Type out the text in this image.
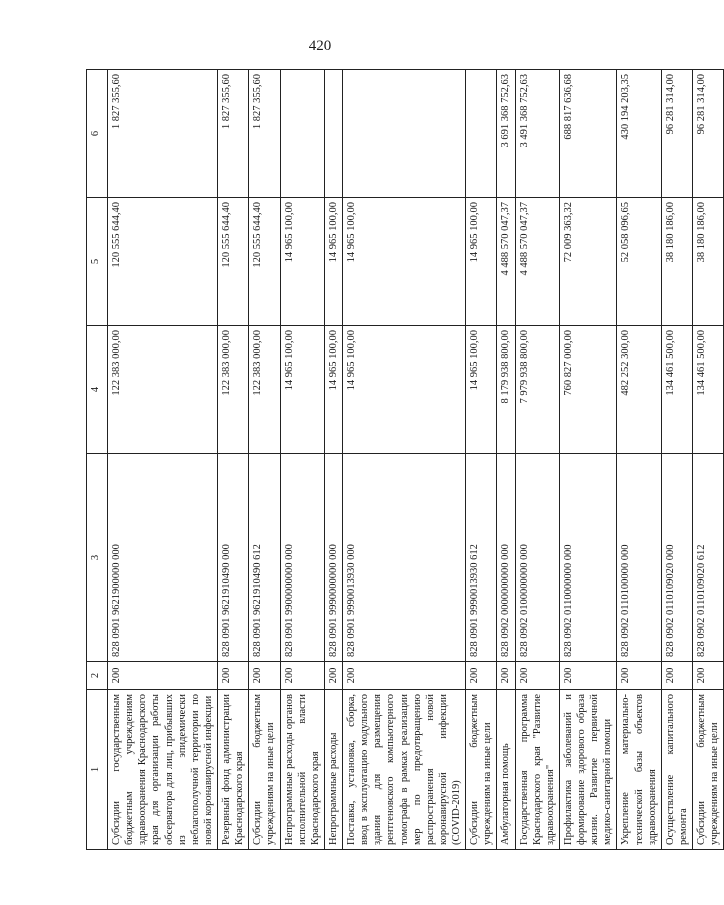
420
1	2	3	4	5	6
Субсидии государственным бюджетным учреждениям здравоохранения Краснодарского края для организации работы обсерватора для лиц, прибывших из эпидемически неблагополучной территории по новой коронавирусной инфекции	200	828 0901 9621900000 000	122 383 000,00	120 555 644,40	1 827 355,60
Резервный фонд администрации Краснодарского края	200	828 0901 9621910490 000	122 383 000,00	120 555 644,40	1 827 355,60
Субсидии бюджетным учреждениям на иные цели	200	828 0901 9621910490 612	122 383 000,00	120 555 644,40	1 827 355,60
Непрограммные расходы органов исполнительной власти Краснодарского края	200	828 0901 9900000000 000	14 965 100,00	14 965 100,00	
Непрограммные расходы	200	828 0901 9990000000 000	14 965 100,00	14 965 100,00	
Поставка, установка, сборка, ввод в эксплуатацию модульного здания для размещения рентгеновского компьютерного томографа в рамках реализации мер по предотвращению распространения новой коронавирусной инфекции (COVID-2019)	200	828 0901 9990013930 000	14 965 100,00	14 965 100,00	
Субсидии бюджетным учреждениям на иные цели	200	828 0901 9990013930 612	14 965 100,00	14 965 100,00	
Амбулаторная помощь	200	828 0902 0000000000 000	8 179 938 800,00	4 488 570 047,37	3 691 368 752,63
Государственная программа Краснодарского края "Развитие здравоохранения"	200	828 0902 0100000000 000	7 979 938 800,00	4 488 570 047,37	3 491 368 752,63
Профилактика заболеваний и формирование здорового образа жизни. Развитие первичной медико-санитарной помощи	200	828 0902 0110000000 000	760 827 000,00	72 009 363,32	688 817 636,68
Укрепление материально-технической базы объектов здравоохранения	200	828 0902 0110100000 000	482 252 300,00	52 058 096,65	430 194 203,35
Осуществление капитального ремонта	200	828 0902 0110109020 000	134 461 500,00	38 180 186,00	96 281 314,00
Субсидии бюджетным учреждениям на иные цели	200	828 0902 0110109020 612	134 461 500,00	38 180 186,00	96 281 314,00
